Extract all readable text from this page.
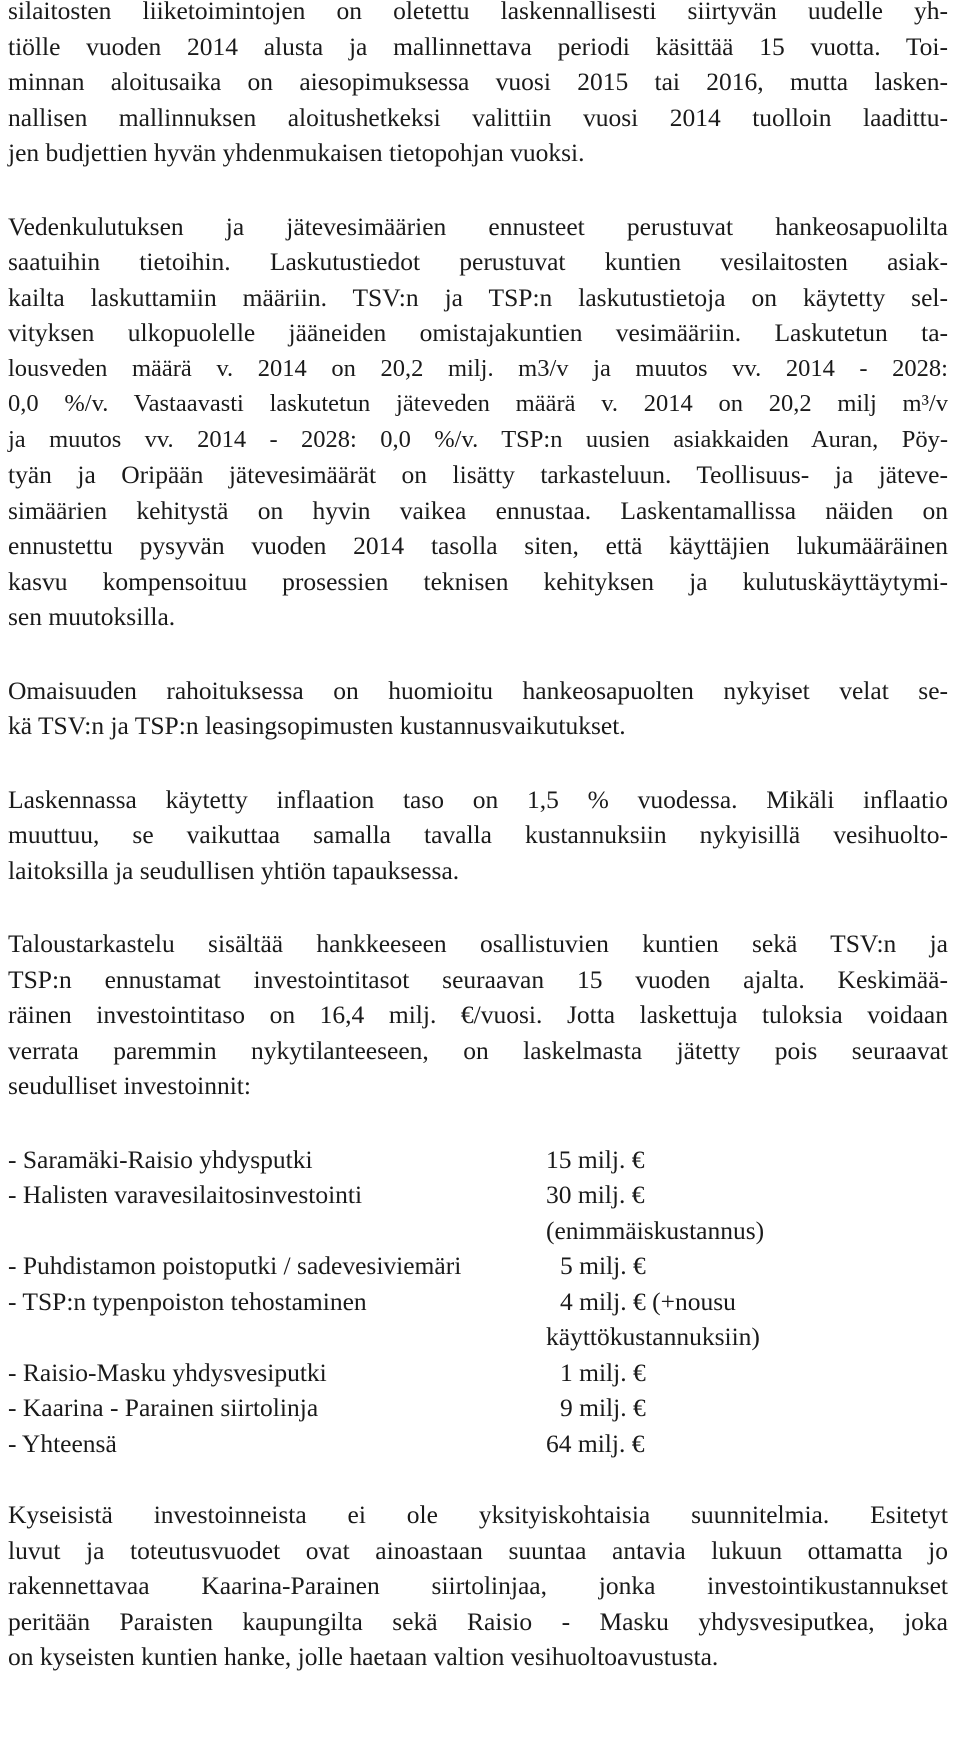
silaitosten liiketoimintojen on oletettu laskennallisesti siirtyvän uudelle yh-
tiölle vuoden 2014 alusta ja mallinnettava periodi käsittää 15 vuotta. Toi-
minnan aloitusaika on aiesopimuksessa vuosi 2015 tai 2016, mutta lasken-
nallisen mallinnuksen aloitushetkeksi valittiin vuosi 2014 tuolloin laadittu-
jen budjettien hyvän yhdenmukaisen tietopohjan vuoksi.
Vedenkulutuksen ja jätevesimäärien ennusteet perustuvat hankeosapuolilta
saatuihin tietoihin. Laskutustiedot perustuvat kuntien vesilaitosten asiak-
kailta laskuttamiin määriin. TSV:n ja TSP:n laskutustietoja on käytetty sel-
vityksen ulkopuolelle jääneiden omistajakuntien vesimääriin. Laskutetun ta-
lousveden määrä v. 2014 on 20,2 milj. m3/v ja muutos vv. 2014 - 2028:
0,0 %/v. Vastaavasti laskutetun jäteveden määrä v. 2014 on 20,2 milj m³/v
ja muutos vv. 2014 - 2028: 0,0 %/v. TSP:n uusien asiakkaiden Auran, Pöy-
tyän ja Oripään jätevesimäärät on lisätty tarkasteluun. Teollisuus- ja jäteve-
simäärien kehitystä on hyvin vaikea ennustaa. Laskentamallissa näiden on
ennustettu pysyvän vuoden 2014 tasolla siten, että käyttäjien lukumääräinen
kasvu kompensoituu prosessien teknisen kehityksen ja kulutuskäyttäytymi-
sen muutoksilla.
Omaisuuden rahoituksessa on huomioitu hankeosapuolten nykyiset velat se-
kä TSV:n ja TSP:n leasingsopimusten kustannusvaikutukset.
Laskennassa käytetty inflaation taso on 1,5 % vuodessa. Mikäli inflaatio
muuttuu, se vaikuttaa samalla tavalla kustannuksiin nykyisillä vesihuolto-
laitoksilla ja seudullisen yhtiön tapauksessa.
Taloustarkastelu sisältää hankkeeseen osallistuvien kuntien sekä TSV:n ja
TSP:n ennustamat investointitasot seuraavan 15 vuoden ajalta. Keskimää-
räinen investointitaso on 16,4 milj. €/vuosi. Jotta laskettuja tuloksia voidaan
verrata paremmin nykytilanteeseen, on laskelmasta jätetty pois seuraavat
seudulliset investoinnit:
- Saramäki-Raisio yhdysputki	15 milj. €
- Halisten varavesilaitosinvestointi	30 milj. €
(enimmäiskustannus)
- Puhdistamon poistoputki / sadevesiviemäri	5 milj. €
- TSP:n typenpoiston tehostaminen	4 milj. € (+nousu
käyttökustannuksiin)
- Raisio-Masku yhdysvesiputki	1 milj. €
- Kaarina - Parainen siirtolinja	9 milj. €
- Yhteensä	64 milj. €
Kyseisistä investoinneista ei ole yksityiskohtaisia suunnitelmia. Esitetyt
luvut ja toteutusvuodet ovat ainoastaan suuntaa antavia lukuun ottamatta jo
rakennettavaa Kaarina-Parainen siirtolinjaa, jonka investointikustannukset
peritään Paraisten kaupungilta sekä Raisio - Masku yhdysvesiputkea, joka
on kyseisten kuntien hanke, jolle haetaan valtion vesihuoltoavustusta.
